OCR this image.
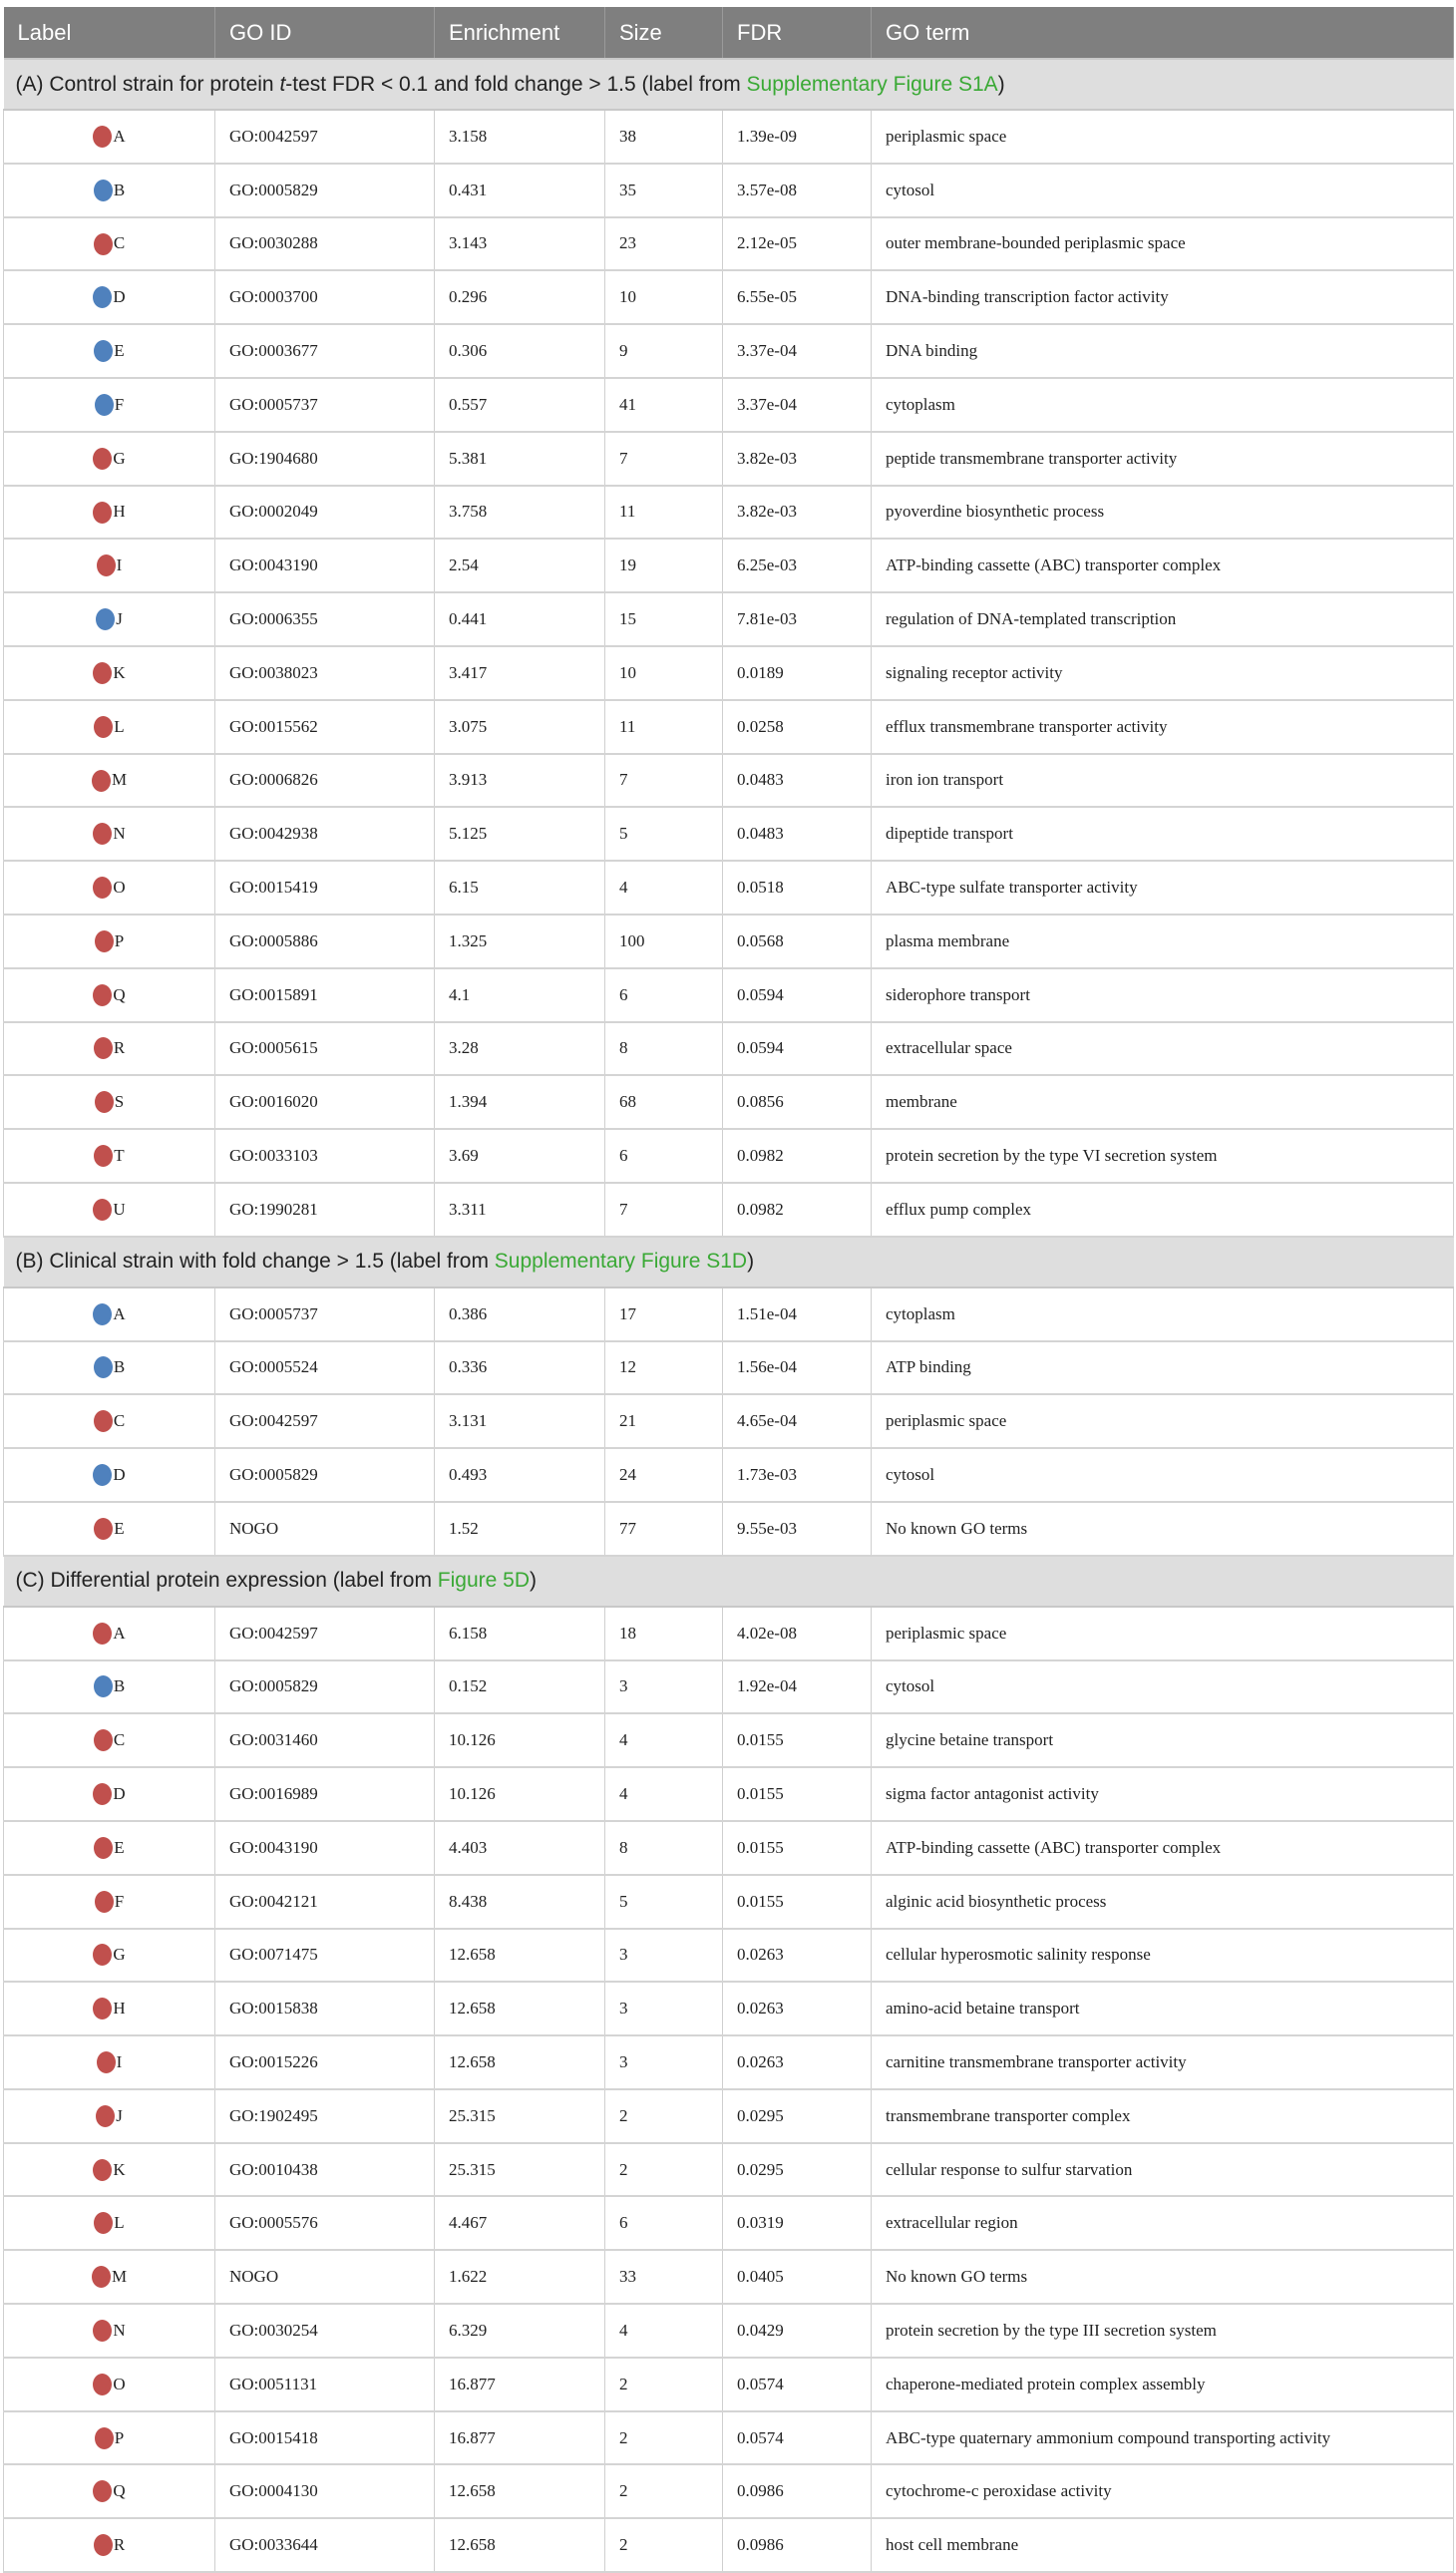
Label	GO ID	Enrichment	Size	FDR	GO term
(A) Control strain for protein t-test FDR < 0.1 and fold change > 1.5 (label from Supplementary Figure S1A)					
A	GO:0042597	3.158	38	1.39e-09	periplasmic space
B	GO:0005829	0.431	35	3.57e-08	cytosol
C	GO:0030288	3.143	23	2.12e-05	outer membrane-bounded periplasmic space
D	GO:0003700	0.296	10	6.55e-05	DNA-binding transcription factor activity
E	GO:0003677	0.306	9	3.37e-04	DNA binding
F	GO:0005737	0.557	41	3.37e-04	cytoplasm
G	GO:1904680	5.381	7	3.82e-03	peptide transmembrane transporter activity
H	GO:0002049	3.758	11	3.82e-03	pyoverdine biosynthetic process
I	GO:0043190	2.54	19	6.25e-03	ATP-binding cassette (ABC) transporter complex
J	GO:0006355	0.441	15	7.81e-03	regulation of DNA-templated transcription
K	GO:0038023	3.417	10	0.0189	signaling receptor activity
L	GO:0015562	3.075	11	0.0258	efflux transmembrane transporter activity
M	GO:0006826	3.913	7	0.0483	iron ion transport
N	GO:0042938	5.125	5	0.0483	dipeptide transport
O	GO:0015419	6.15	4	0.0518	ABC-type sulfate transporter activity
P	GO:0005886	1.325	100	0.0568	plasma membrane
Q	GO:0015891	4.1	6	0.0594	siderophore transport
R	GO:0005615	3.28	8	0.0594	extracellular space
S	GO:0016020	1.394	68	0.0856	membrane
T	GO:0033103	3.69	6	0.0982	protein secretion by the type VI secretion system
U	GO:1990281	3.311	7	0.0982	efflux pump complex
(B) Clinical strain with fold change > 1.5 (label from Supplementary Figure S1D)					
A	GO:0005737	0.386	17	1.51e-04	cytoplasm
B	GO:0005524	0.336	12	1.56e-04	ATP binding
C	GO:0042597	3.131	21	4.65e-04	periplasmic space
D	GO:0005829	0.493	24	1.73e-03	cytosol
E	NOGO	1.52	77	9.55e-03	No known GO terms
(C) Differential protein expression (label from Figure 5D)					
A	GO:0042597	6.158	18	4.02e-08	periplasmic space
B	GO:0005829	0.152	3	1.92e-04	cytosol
C	GO:0031460	10.126	4	0.0155	glycine betaine transport
D	GO:0016989	10.126	4	0.0155	sigma factor antagonist activity
E	GO:0043190	4.403	8	0.0155	ATP-binding cassette (ABC) transporter complex
F	GO:0042121	8.438	5	0.0155	alginic acid biosynthetic process
G	GO:0071475	12.658	3	0.0263	cellular hyperosmotic salinity response
H	GO:0015838	12.658	3	0.0263	amino-acid betaine transport
I	GO:0015226	12.658	3	0.0263	carnitine transmembrane transporter activity
J	GO:1902495	25.315	2	0.0295	transmembrane transporter complex
K	GO:0010438	25.315	2	0.0295	cellular response to sulfur starvation
L	GO:0005576	4.467	6	0.0319	extracellular region
M	NOGO	1.622	33	0.0405	No known GO terms
N	GO:0030254	6.329	4	0.0429	protein secretion by the type III secretion system
O	GO:0051131	16.877	2	0.0574	chaperone-mediated protein complex assembly
P	GO:0015418	16.877	2	0.0574	ABC-type quaternary ammonium compound transporting activity
Q	GO:0004130	12.658	2	0.0986	cytochrome-c peroxidase activity
R	GO:0033644	12.658	2	0.0986	host cell membrane
